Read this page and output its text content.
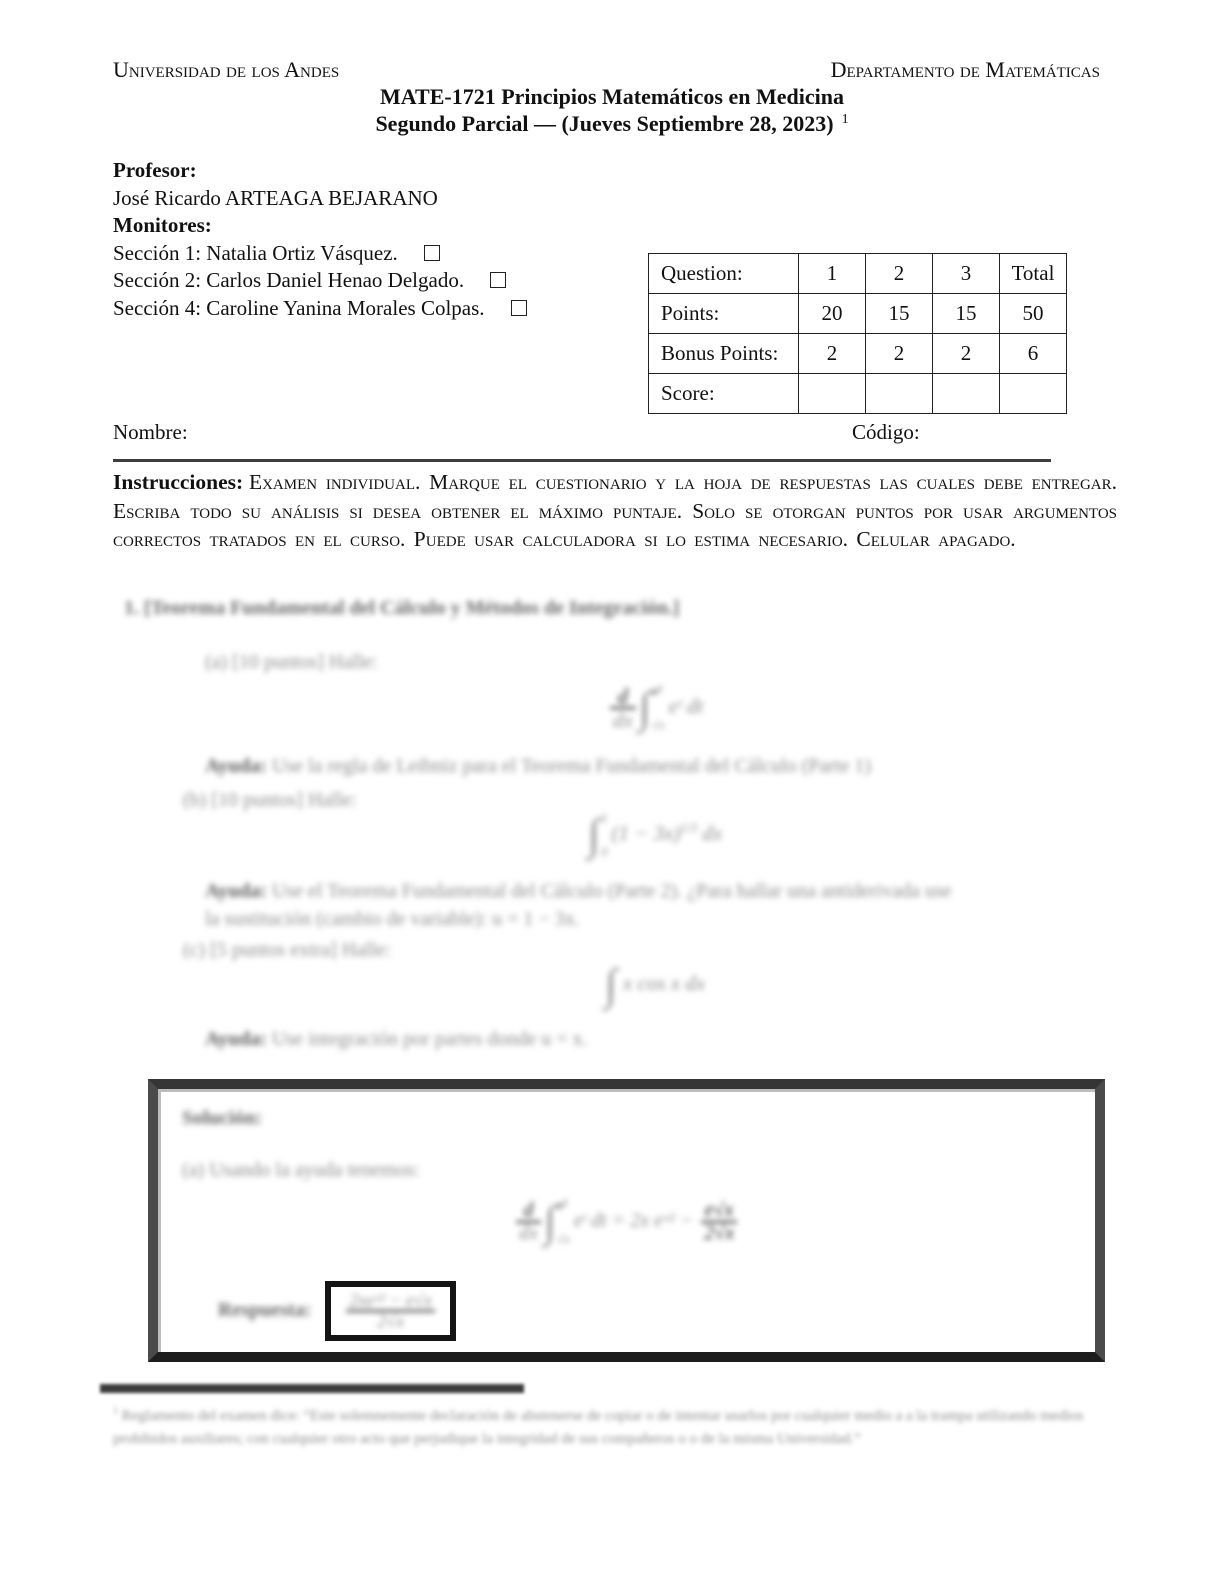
Universidad de los Andes	Departamento de Matemáticas
MATE-1721 Principios Matemáticos en Medicina
Segundo Parcial — (Jueves Septiembre 28, 2023) $^1$
Profesor:
José Ricardo ARTEAGA BEJARANO
Monitores:
Sección 1: Natalia Ortiz Vásquez.
Sección 2: Carlos Daniel Henao Delgado.
Sección 4: Caroline Yanina Morales Colpas.
Question:	1	2	3	Total
Points:	20	15	15	50
Bonus Points:	2	2	2	6
Score:				
Nombre:	Código:
Instrucciones: Examen individual. Marque el cuestionario y la hoja de respuestas las cuales debe entregar. Escriba todo su análisis si desea obtener el máximo puntaje. Solo se otorgan puntos por usar argumentos correctos tratados en el curso. Puede usar calculadora si lo estima necesario. Celular apagado.
1. [Teorema Fundamental del Cálculo y Métodos de Integración.]
(a) [10 puntos] Halle:
$\frac{d}{dx}$ ∫ x²
√x
eᵗ dt
Ayuda: Use la regla de Leibniz para el Teorema Fundamental del Cálculo (Parte 1)
(b) [10 puntos] Halle:
∫ 1
0
$(1 - 3x)^{1/3}$ dx
Ayuda: Use el Teorema Fundamental del Cálculo (Parte 2). ¿Para hallar una antiderivada use
la sustitución (cambio de variable): u = 1 − 3x.
(c) [5 puntos extra] Halle:
∫ x cos x dx
Ayuda: Use integración por partes donde u = x.
Solución:
(a) Usando la ayuda tenemos:
$\frac{d}{dx}$ ∫ x²
√x
eᵗ dt = 2x eˣ² − $\frac{e√x}{2√x}$
Respuesta: $\frac{\text{2xeˣ² − e√x}}{2√x}$
$^1$ Reglamento del examen dice: “Este solemnemente declaración de abstenerse de copiar o de intentar usarlos por cualquier medio a a la trampa utilizando medios prohibidos auxiliares; con cualquier otro acto que perjudique la integridad de sus compañeros o o de la misma Universidad.”
